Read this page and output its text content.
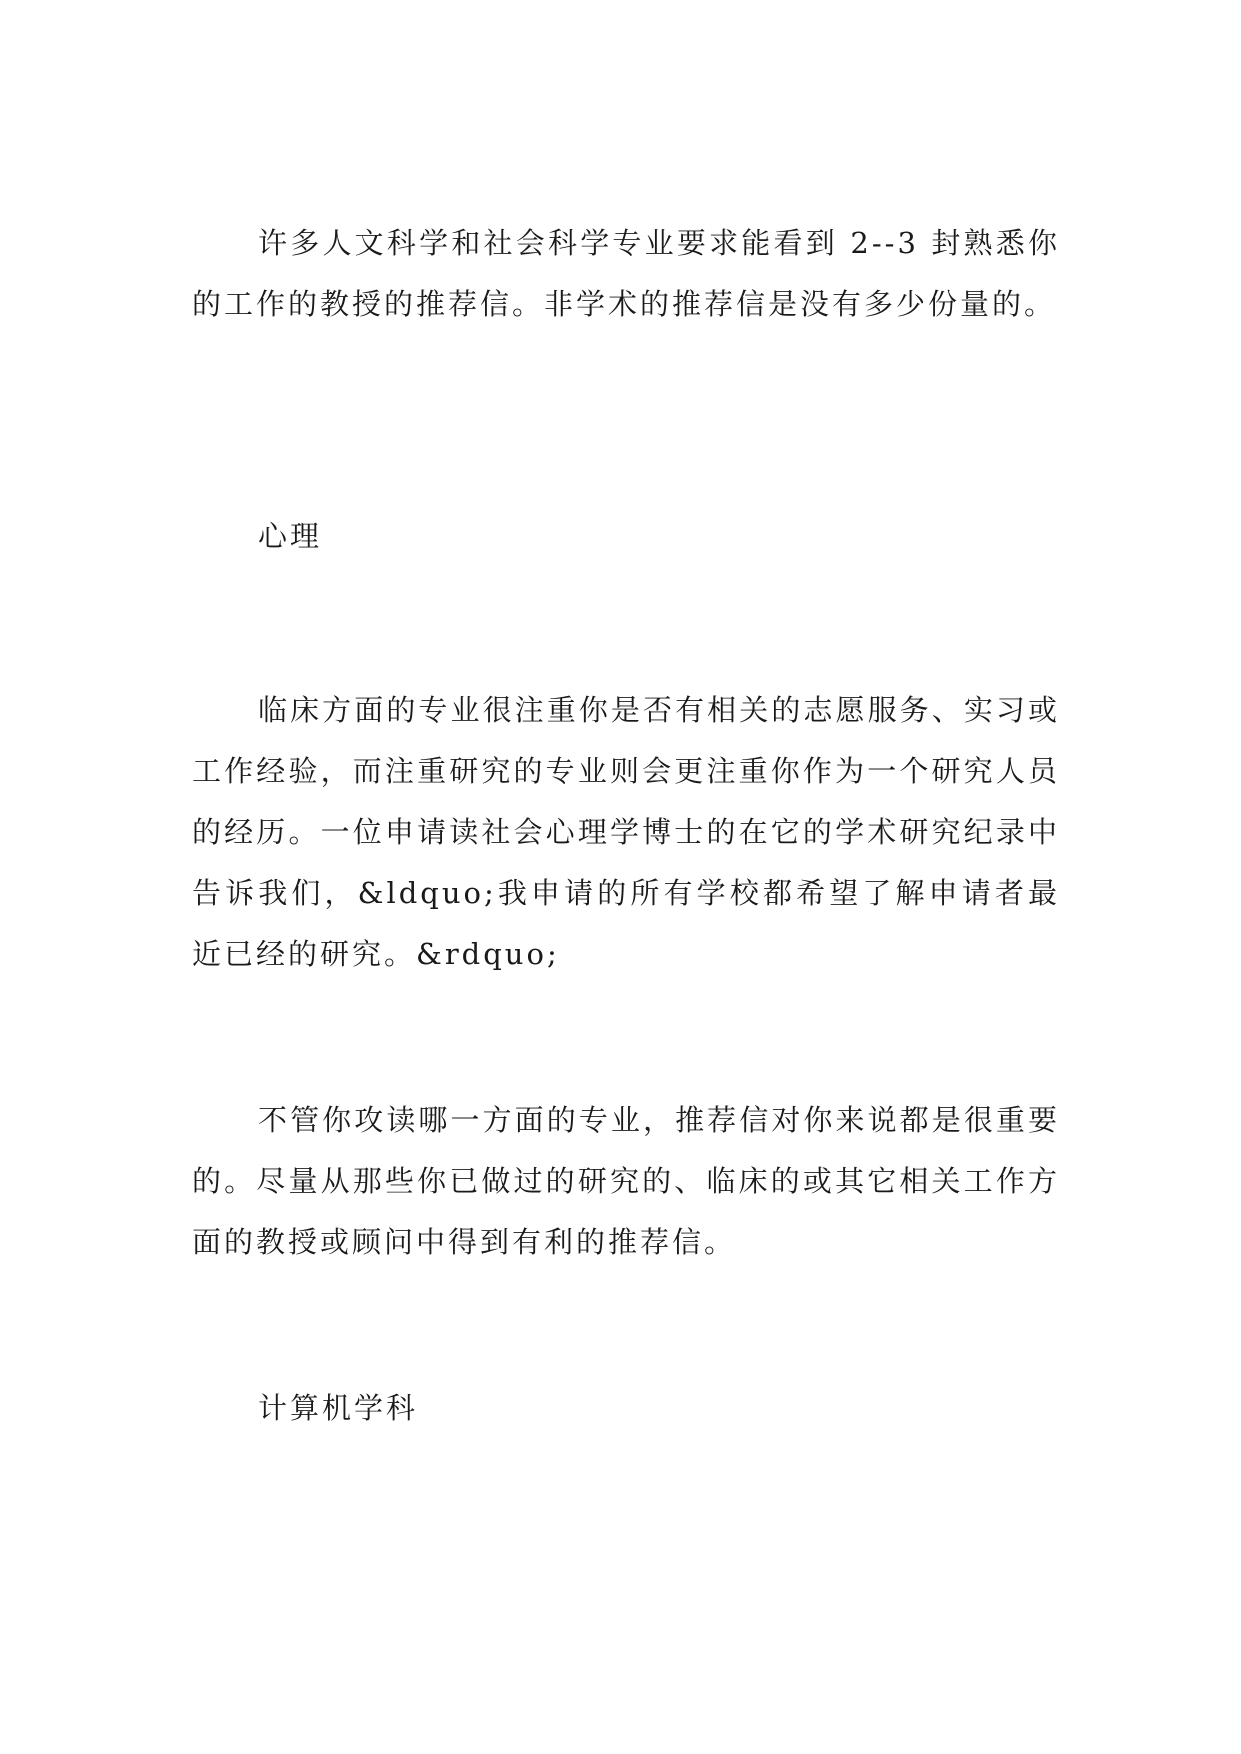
许多人文科学和社会科学专业要求能看到 2--3 封熟悉你的工作的教授的推荐信。非学术的推荐信是没有多少份量的。

心理

临床方面的专业很注重你是否有相关的志愿服务、实习或工作经验，而注重研究的专业则会更注重你作为一个研究人员的经历。一位申请读社会心理学博士的在它的学术研究纪录中告诉我们，&ldquo;我申请的所有学校都希望了解申请者最近已经的研究。&rdquo;

不管你攻读哪一方面的专业，推荐信对你来说都是很重要的。尽量从那些你已做过的研究的、临床的或其它相关工作方面的教授或顾问中得到有利的推荐信。

计算机学科
